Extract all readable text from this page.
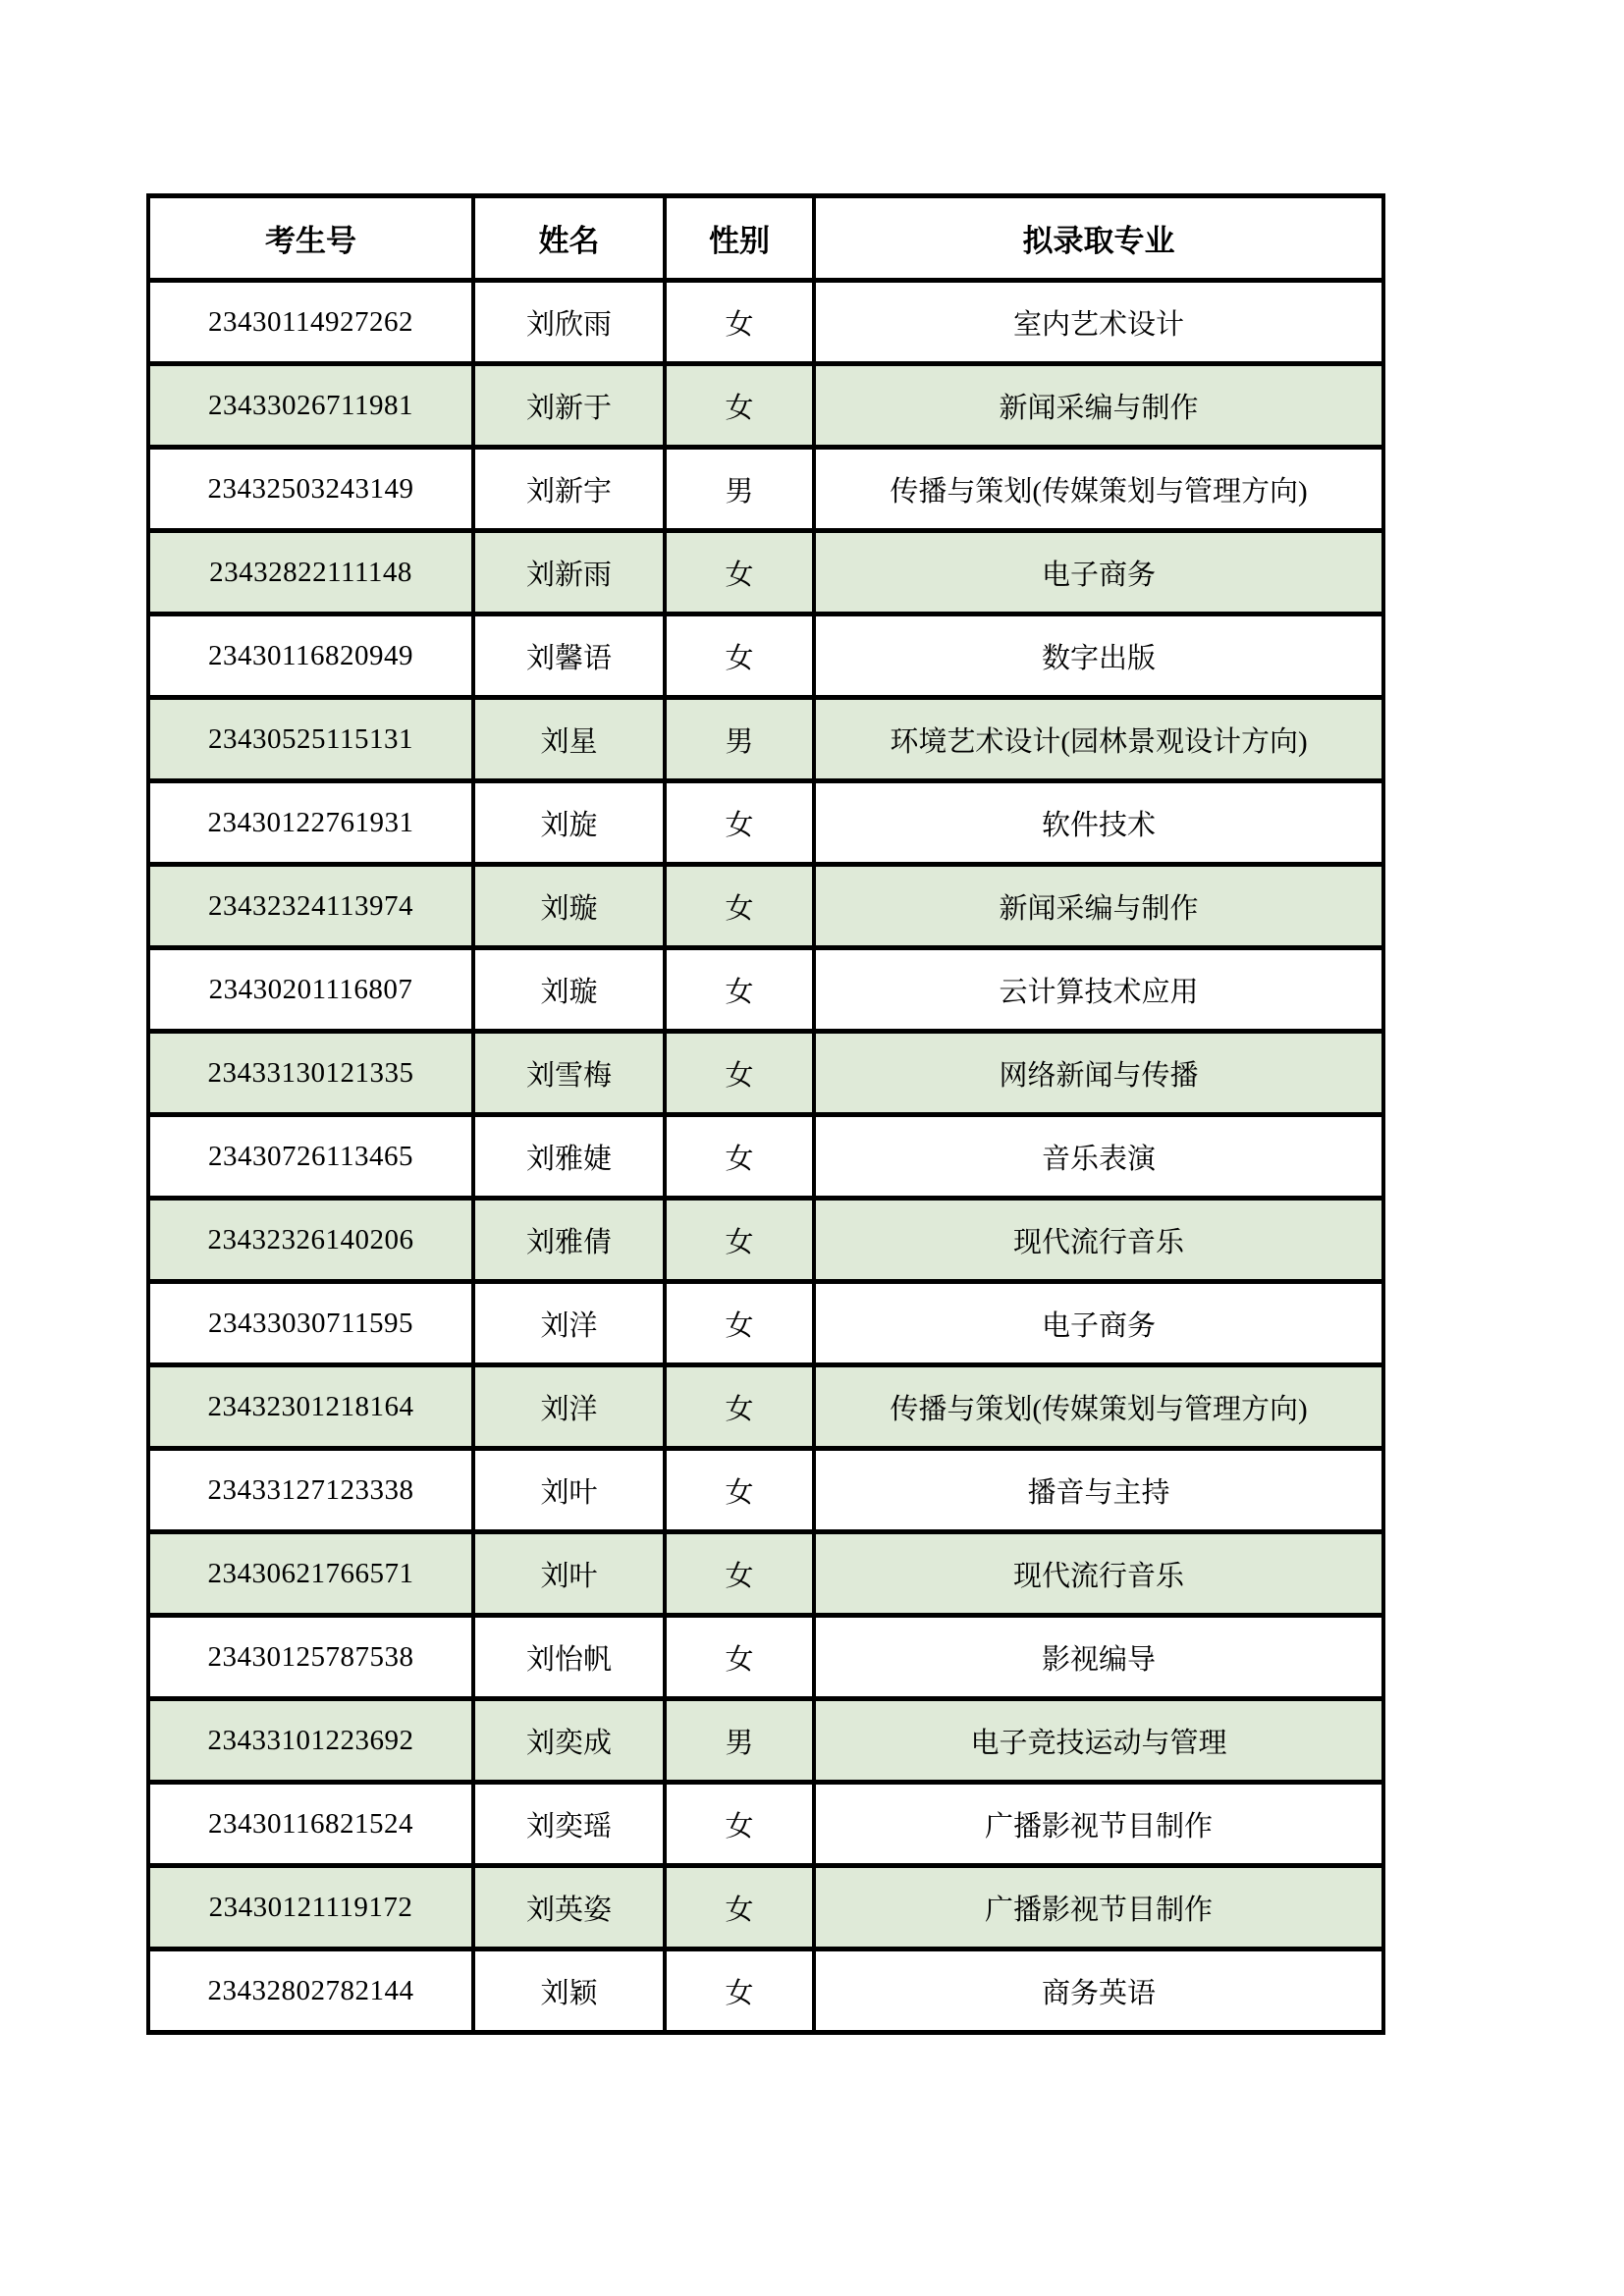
考生号	姓名	性别	拟录取专业
23430114927262	刘欣雨	女	室内艺术设计
23433026711981	刘新于	女	新闻采编与制作
23432503243149	刘新宇	男	传播与策划(传媒策划与管理方向)
23432822111148	刘新雨	女	电子商务
23430116820949	刘馨语	女	数字出版
23430525115131	刘星	男	环境艺术设计(园林景观设计方向)
23430122761931	刘旋	女	软件技术
23432324113974	刘璇	女	新闻采编与制作
23430201116807	刘璇	女	云计算技术应用
23433130121335	刘雪梅	女	网络新闻与传播
23430726113465	刘雅婕	女	音乐表演
23432326140206	刘雅倩	女	现代流行音乐
23433030711595	刘洋	女	电子商务
23432301218164	刘洋	女	传播与策划(传媒策划与管理方向)
23433127123338	刘叶	女	播音与主持
23430621766571	刘叶	女	现代流行音乐
23430125787538	刘怡帆	女	影视编导
23433101223692	刘奕成	男	电子竞技运动与管理
23430116821524	刘奕瑶	女	广播影视节目制作
23430121119172	刘英姿	女	广播影视节目制作
23432802782144	刘颖	女	商务英语
